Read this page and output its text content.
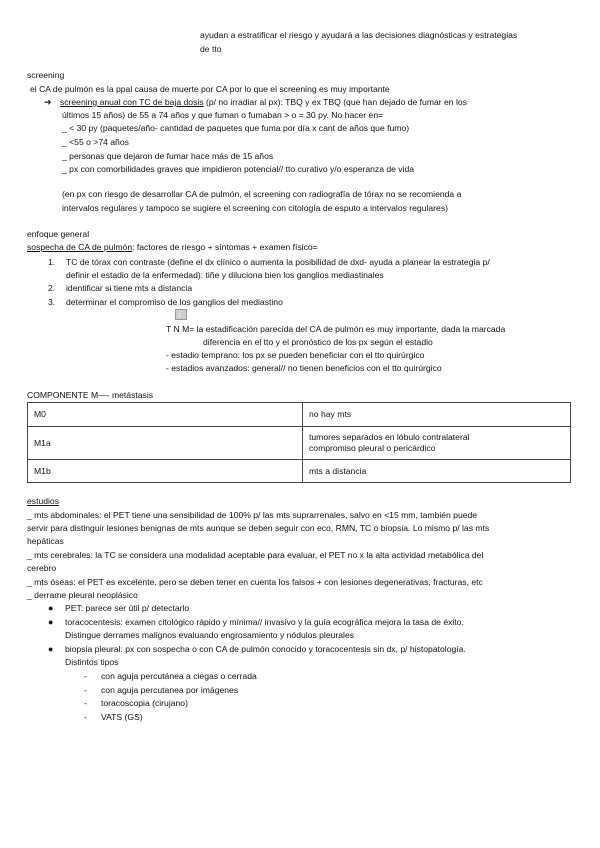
ayudan a estratificar el riesgo y ayudará a las decisiones diagnósticas y estrategias
de tto
screening
el CA de pulmón es la ppal causa de muerte por CA por lo que el screening es muy importante
➔ screening anual con TC de baja dosis (p/ no irradiar al px): TBQ y ex TBQ (que han dejado de fumar en los
últimos 15 años) de 55 a 74 años y que fuman o fumaban > o = 30 py. No hacer en=
_ < 30 py (paquetes/año- cantidad de paquetes que fuma por día x cant de años que fumo)
_ <55 o >74 años
_ personas que dejaron de fumar hace más de 15 años
_ px con comorbilidades graves que impidieron potencial// tto curativo y/o esperanza de vida
(en px con riesgo de desarrollar CA de pulmón, el screening con radiografía de tórax no se recomienda a
intervalos regulares y tampoco se sugiere el screening con citología de esputo a intervalos regulares)
enfoque general
sospecha de CA de pulmón: factores de riesgo + síntomas + examen físico=
1. TC de tórax con contraste (define el dx clínico o aumenta la posibilidad de dxd- ayuda a planear la estrategia p/
definir el estadio de la enfermedad): tiñe y diluciona bien los ganglios mediastinales
2. identificar si tiene mts a distancia
3. determinar el compromiso de los ganglios del mediastino
↓
T N M= la estadificación parecida del CA de pulmón es muy importante, dada la marcada
diferencia en el tto y el pronóstico de los px según el estadio
- estadio temprano: los px se pueden beneficiar con el tto quirúrgico
- estadios avanzados: general// no tienen beneficios con el tto quirúrgico
COMPONENTE M—- metástasis
M0	no hay mts
M1a	tumores separados en lóbulo contralateral
compromiso pleural o pericárdico

M1b	mts a distancia
estudios
_ mts abdominales: el PET tiene una sensibilidad de 100% p/ las mts suprarrenales, salvo en <15 mm, también puede
servir para distinguir lesiones benignas de mts aunque se deben seguir con eco, RMN, TC o biopsia. Lo mismo p/ las mts
hepáticas
_ mts cerebrales: la TC se considera una modalidad aceptable para evaluar, el PET no x la alta actividad metabólica del
cerebro
_ mts óseas: el PET es excelente, pero se deben tener en cuenta los falsos + con lesiones degenerativas, fracturas, etc
_ derrame pleural neoplásico
● PET: parece ser útil p/ detectarlo
● toracocentesis: examen citológico rápido y mínima// invasivo y la guía ecográfica mejora la tasa de éxito.
Distingue derrames malignos evaluando engrosamiento y nódulos pleurales
● biopsia pleural: px con sospecha o con CA de pulmón conocido y toracocentesis sin dx, p/ histopatología.
Distintos tipos
- con aguja percutánea a ciegas o cerrada
- con aguja percutanea por imágenes
- toracoscopia (cirujano)
- VATS (GS)
